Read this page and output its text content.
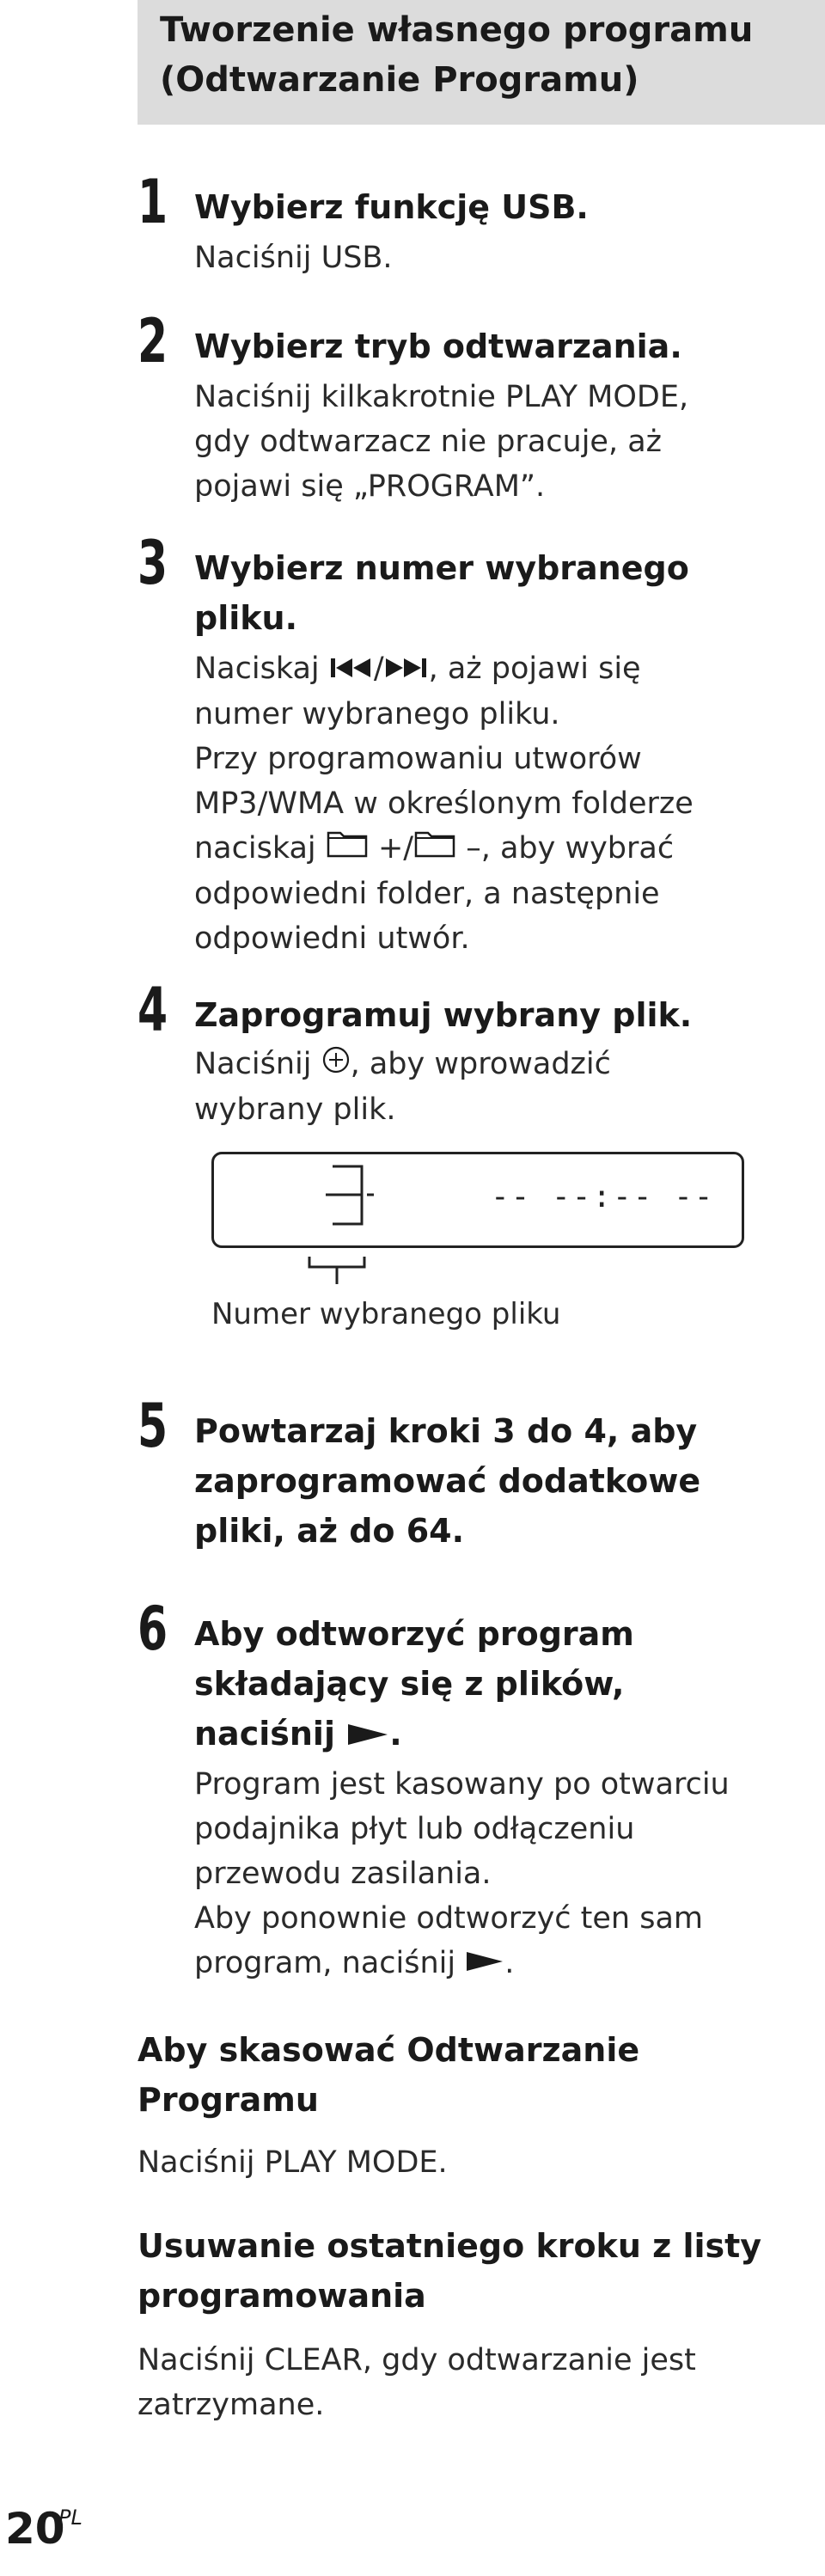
Tworzenie własnego programu
(Odtwarzanie Programu)
1 Wybierz funkcję USB.
Naciśnij USB.
2 Wybierz tryb odtwarzania.
Naciśnij kilkakrotnie PLAY MODE,
gdy odtwarzacz nie pracuje, aż
pojawi się „PROGRAM”.
3 Wybierz numer wybranego
pliku.
Naciskaj / , aż pojawi się
numer wybranego pliku.
Przy programowaniu utworów
MP3/WMA w określonym folderze
naciskaj +/ –, aby wybrać
odpowiedni folder, a następnie
odpowiedni utwór.
4 Zaprogramuj wybrany plik.
Naciśnij , aby wprowadzić
wybrany plik.
-- --:-- --
Numer wybranego pliku
5 Powtarzaj kroki 3 do 4, aby
zaprogramować dodatkowe
pliki, aż do 64.
6 Aby odtworzyć program
składający się z plików,
naciśnij .
Program jest kasowany po otwarciu
podajnika płyt lub odłączeniu
przewodu zasilania.
Aby ponownie odtworzyć ten sam
program, naciśnij .
Aby skasować Odtwarzanie
Programu
Naciśnij PLAY MODE.
Usuwanie ostatniego kroku z listy
programowania
Naciśnij CLEAR, gdy odtwarzanie jest
zatrzymane.
20
PL
